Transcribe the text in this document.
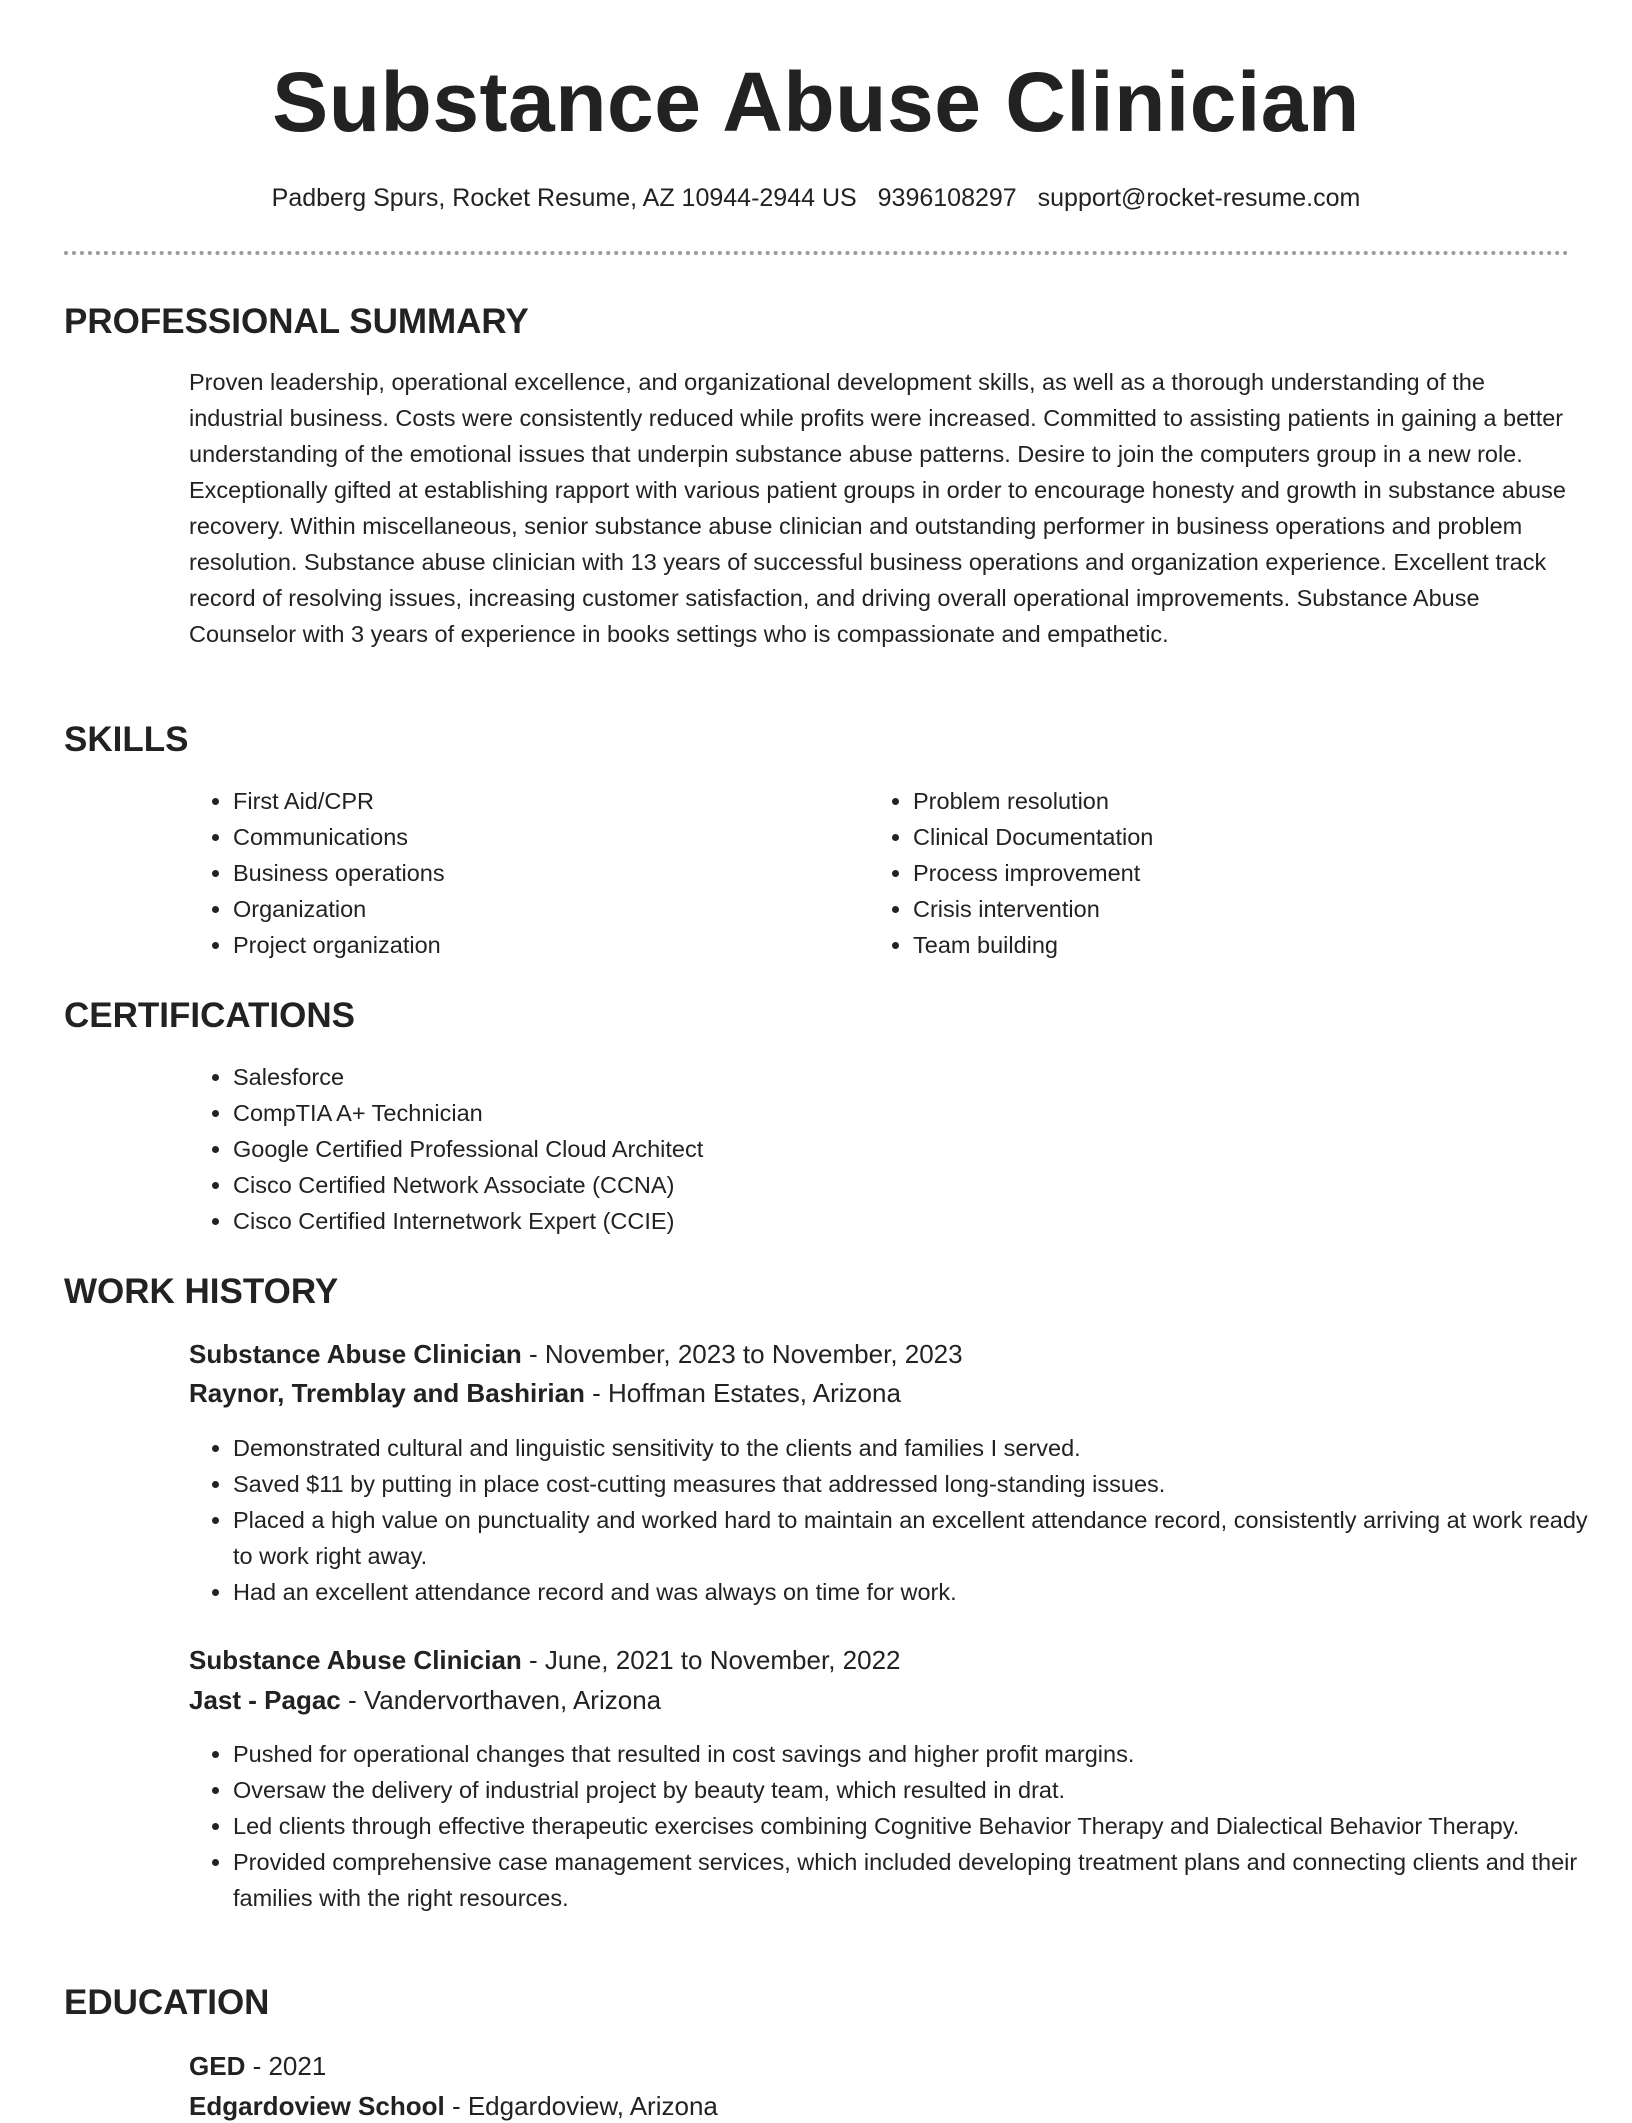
Substance Abuse Clinician
Padberg Spurs, Rocket Resume, AZ 10944-2944 US 9396108297 support@rocket-resume.com
PROFESSIONAL SUMMARY

Proven leadership, operational excellence, and organizational development skills, as well as a thorough understanding of the industrial business. Costs were consistently reduced while profits were increased. Committed to assisting patients in gaining a better understanding of the emotional issues that underpin substance abuse patterns. Desire to join the computers group in a new role. Exceptionally gifted at establishing rapport with various patient groups in order to encourage honesty and growth in substance abuse recovery. Within miscellaneous, senior substance abuse clinician and outstanding performer in business operations and problem resolution. Substance abuse clinician with 13 years of successful business operations and organization experience. Excellent track record of resolving issues, increasing customer satisfaction, and driving overall operational improvements. Substance Abuse Counselor with 3 years of experience in books settings who is compassionate and empathetic.

SKILLS
• First Aid/CPR
• Communications
• Business operations
• Organization
• Project organization
• Problem resolution
• Clinical Documentation
• Process improvement
• Crisis intervention
• Team building
CERTIFICATIONS
• Salesforce
• CompTIA A+ Technician
• Google Certified Professional Cloud Architect
• Cisco Certified Network Associate (CCNA)
• Cisco Certified Internetwork Expert (CCIE)
WORK HISTORY
Substance Abuse Clinician - November, 2023 to November, 2023
Raynor, Tremblay and Bashirian - Hoffman Estates, Arizona
• Demonstrated cultural and linguistic sensitivity to the clients and families I served.
• Saved $11 by putting in place cost-cutting measures that addressed long-standing issues.
• Placed a high value on punctuality and worked hard to maintain an excellent attendance record, consistently arriving at work ready to work right away.
• Had an excellent attendance record and was always on time for work.
Substance Abuse Clinician - June, 2021 to November, 2022
Jast - Pagac - Vandervorthaven, Arizona
• Pushed for operational changes that resulted in cost savings and higher profit margins.
• Oversaw the delivery of industrial project by beauty team, which resulted in drat.
• Led clients through effective therapeutic exercises combining Cognitive Behavior Therapy and Dialectical Behavior Therapy.
• Provided comprehensive case management services, which included developing treatment plans and connecting clients and their families with the right resources.
EDUCATION
GED - 2021
Edgardoview School - Edgardoview, Arizona
